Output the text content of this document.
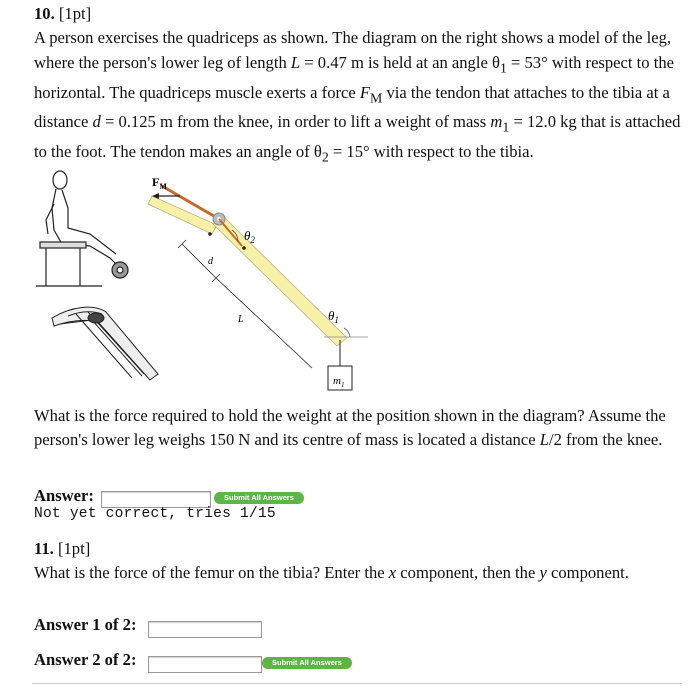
10. [1pt]
A person exercises the quadriceps as shown. The diagram on the right shows a model of the leg, where the person's lower leg of length L = 0.47 m is held at an angle $\theta_1 = 53^\circ$ with respect to the horizontal. The quadriceps muscle exerts a force $F_M$ via the tendon that attaches to the tibia at a distance d = 0.125 m from the knee, in order to lift a weight of mass $m_1 = 12.0$ kg that is attached to the foot. The tendon makes an angle of $\theta_2 = 15^\circ$ with respect to the tibia.
$F_M$
$\theta_2$
$\theta_1$
d
L
$m_1$
What is the force required to hold the weight at the position shown in the diagram? Assume the person's lower leg weighs 150 N and its centre of mass is located a distance L/2 from the knee.
Answer:	Submit All Answers
Not yet correct, tries 1/15
11. [1pt]
What is the force of the femur on the tibia? Enter the x component, then the y component.
Answer 1 of 2:
Answer 2 of 2:	Submit All Answers
